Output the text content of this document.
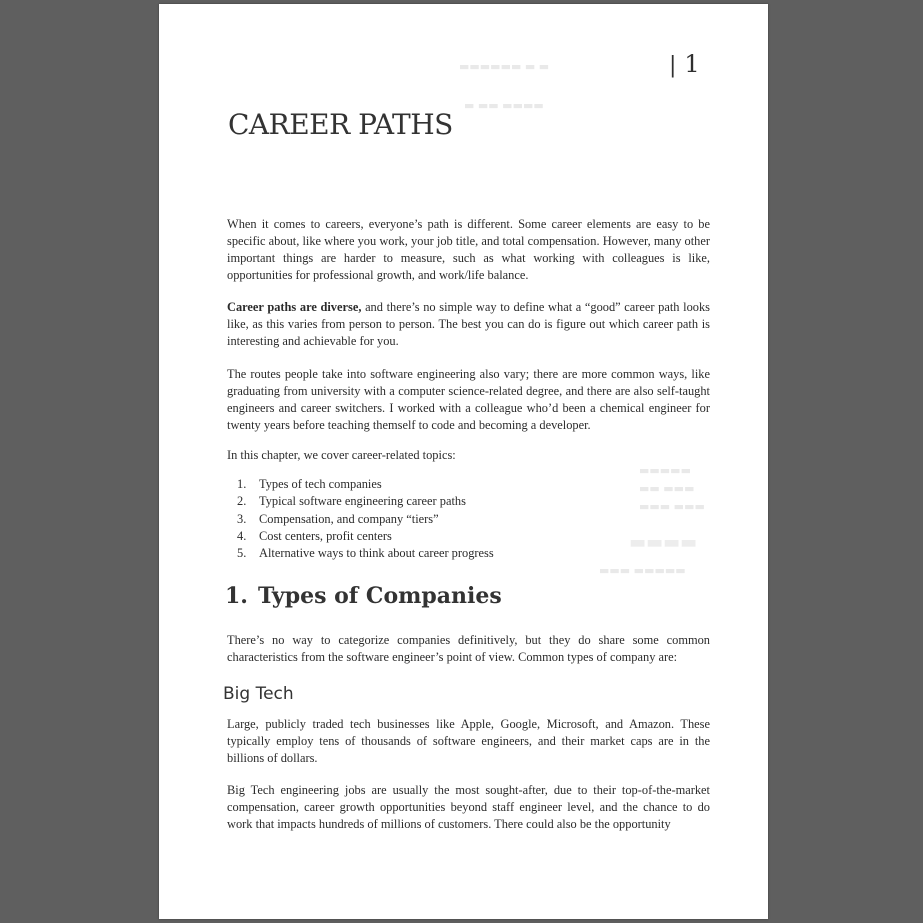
▬▬▬▬▬▬ ▬ ▬
▬ ▬▬ ▬▬▬▬
▬▬▬▬▬
▬▬ ▬▬▬
▬▬▬ ▬▬▬
▬▬▬▬
▬▬▬ ▬▬▬▬▬
| 1
CAREER PATHS

When it comes to careers, everyone’s path is different. Some career elements are easy to be specific about, like where you work, your job title, and total compensation. However, many other important things are harder to measure, such as what working with colleagues is like, opportunities for professional growth, and work/life balance.

Career paths are diverse, and there’s no simple way to define what a “good” career path looks like, as this varies from person to person. The best you can do is figure out which career path is interesting and achievable for you.

The routes people take into software engineering also vary; there are more common ways, like graduating from university with a computer science-related degree, and there are also self-taught engineers and career switchers. I worked with a colleague who’d been a chemical engineer for twenty years before teaching themself to code and becoming a developer.

In this chapter, we cover career-related topics:

1. Types of tech companies
2. Typical software engineering career paths
3. Compensation, and company “tiers”
4. Cost centers, profit centers
5. Alternative ways to think about career progress
1. Types of Companies

There’s no way to categorize companies definitively, but they do share some common characteristics from the software engineer’s point of view. Common types of company are:

Big Tech

Large, publicly traded tech businesses like Apple, Google, Microsoft, and Amazon. These typically employ tens of thousands of software engineers, and their market caps are in the billions of dollars.

Big Tech engineering jobs are usually the most sought-after, due to their top-of-the-market compensation, career growth opportunities beyond staff engineer level, and the chance to do work that impacts hundreds of millions of customers. There could also be the opportunity
